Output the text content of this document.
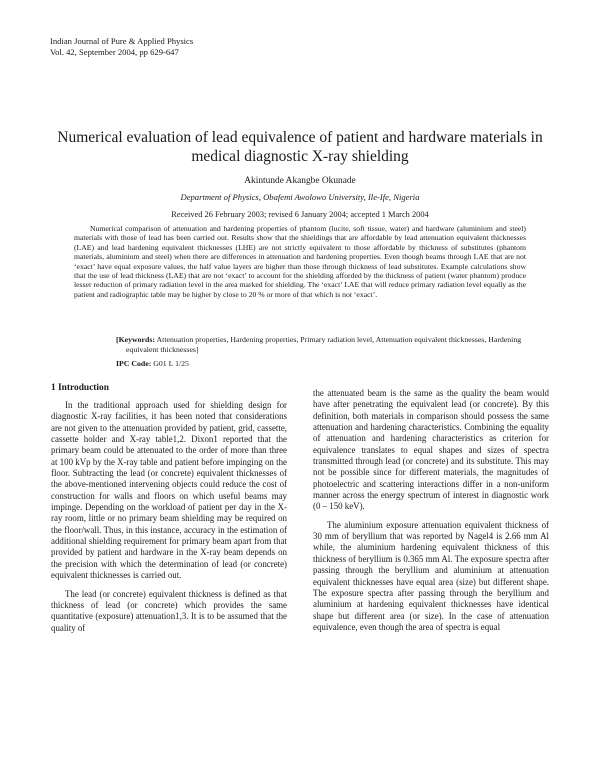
Indian Journal of Pure & Applied Physics
Vol. 42, September 2004, pp 629-647
Numerical evaluation of lead equivalence of patient and hardware materials in medical diagnostic X-ray shielding
Akintunde Akangbe Okunade
Department of Physics, Obafemi Awolowo University, Ile-Ife, Nigeria
Received 26 February 2003; revised 6 January 2004; accepted 1 March 2004

Numerical comparison of attenuation and hardening properties of phantom (lucite, soft tissue, water) and hardware (aluminium and steel) materials with those of lead has been carried out. Results show that the shieldings that are affordable by lead attenuation equivalent thicknesses (LAE) and lead hardening equivalent thicknesses (LHE) are not strictly equivalent to those affordable by thickness of substitutes (phantom materials, aluminium and steel) when there are differences in attenuation and hardening properties. Even though beams through LAE that are not ‘exact’ have equal exposure values, the half value layers are higher than those through thickness of lead substitutes. Example calculations show that the use of lead thickness (LAE) that are not ‘exact’ to account for the shielding afforded by the thickness of patient (water phantom) produce lesser reduction of primary radiation level in the area marked for shielding. The ‘exact’ LAE that will reduce primary radiation level equally as the patient and radiographic table may be higher by close to 20 % or more of that which is not ‘exact’.

[Keywords: Attenuation properties, Hardening properties, Primary radiation level, Attenuation equivalent thicknesses, Hardening equivalent thicknesses]
IPC Code: G01 L 1/25
1 Introduction

In the traditional approach used for shielding design for diagnostic X-ray facilities, it has been noted that considerations are not given to the attenuation provided by patient, grid, cassette, cassette holder and X-ray table1,2. Dixon1 reported that the primary beam could be attenuated to the order of more than three at 100 kVp by the X-ray table and patient before impinging on the floor. Subtracting the lead (or concrete) equivalent thicknesses of the above-mentioned intervening objects could reduce the cost of construction for walls and floors on which useful beams may impinge. Depending on the workload of patient per day in the X-ray room, little or no primary beam shielding may be required on the floor/wall. Thus, in this instance, accuracy in the estimation of additional shielding requirement for primary beam apart from that provided by patient and hardware in the X-ray beam depends on the precision with which the determination of lead (or concrete) equivalent thicknesses is carried out.

The lead (or concrete) equivalent thickness is defined as that thickness of lead (or concrete) which provides the same quantitative (exposure) attenuation1,3. It is to be assumed that the quality of

the attenuated beam is the same as the quality the beam would have after penetrating the equivalent lead (or concrete). By this definition, both materials in comparison should possess the same attenuation and hardening characteristics. Combining the equality of attenuation and hardening characteristics as criterion for equivalence translates to equal shapes and sizes of spectra transmitted through lead (or concrete) and its substitute. This may not be possible since for different materials, the magnitudes of photoelectric and scattering interactions differ in a non-uniform manner across the energy spectrum of interest in diagnostic work (0 – 150 keV).

The aluminium exposure attenuation equivalent thickness of 30 mm of beryllium that was reported by Nagel4 is 2.66 mm Al while, the aluminium hardening equivalent thickness of this thickness of beryllium is 0.365 mm Al. The exposure spectra after passing through the beryllium and aluminium at attenuation equivalent thicknesses have equal area (size) but different shape. The exposure spectra after passing through the beryllium and aluminium at hardening equivalent thicknesses have identical shape but different area (or size). In the case of attenuation equivalence, even though the area of spectra is equal
